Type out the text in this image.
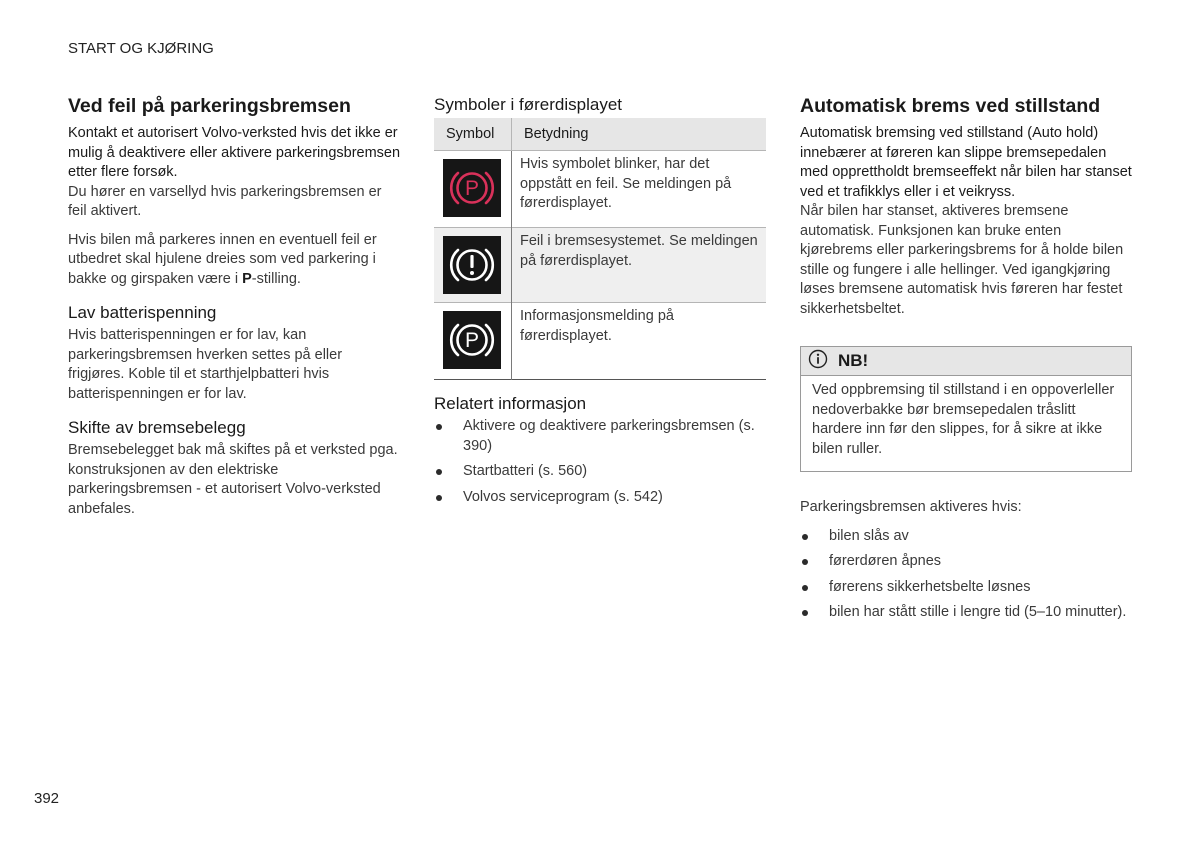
START OG KJØRING
Ved feil på parkeringsbremsen

Kontakt et autorisert Volvo-verksted hvis det ikke er mulig å deaktivere eller aktivere parkeringsbremsen etter flere forsøk.

Du hører en varsellyd hvis parkeringsbremsen er feil aktivert.

Hvis bilen må parkeres innen en eventuell feil er utbedret skal hjulene dreies som ved parkering i bakke og girspaken være i P-stilling.

Lav batterispenning

Hvis batterispenningen er for lav, kan parkeringsbremsen hverken settes på eller frigjøres. Koble til et starthjelpbatteri hvis batterispenningen er for lav.

Skifte av bremsebelegg

Bremsebelegget bak må skiftes på et verksted pga. konstruksjonen av den elektriske parkeringsbremsen - et autorisert Volvo-verksted anbefales.

Symboler i førerdisplayet
Symbol	Betydning

P	Hvis symbolet blinker, har det oppstått en feil. Se meldingen på førerdisplayet.

	Feil i bremsesystemet. Se meldingen på førerdisplayet.

P	Informasjonsmelding på førerdisplayet.
Relatert informasjon
Aktivere og deaktivere parkeringsbremsen (s. 390)
Startbatteri (s. 560)
Volvos serviceprogram (s. 542)
Automatisk brems ved stillstand

Automatisk bremsing ved stillstand (Auto hold) innebærer at føreren kan slippe bremsepedalen med opprettholdt bremseeffekt når bilen har stanset ved et trafikklys eller i et veikryss.

Når bilen har stanset, aktiveres bremsene automatisk. Funksjonen kan bruke enten kjørebrems eller parkeringsbrems for å holde bilen stille og fungere i alle hellinger. Ved igangkjøring løses bremsene automatisk hvis føreren har festet sikkerhetsbeltet.

NB!

Ved oppbremsing til stillstand i en oppoverleller nedoverbakke bør bremsepedalen tråslitt hardere inn før den slippes, for å sikre at ikke bilen ruller.

Parkeringsbremsen aktiveres hvis:

bilen slås av
førerdøren åpnes
førerens sikkerhetsbelte løsnes
bilen har stått stille i lengre tid (5–10 minutter).
392
